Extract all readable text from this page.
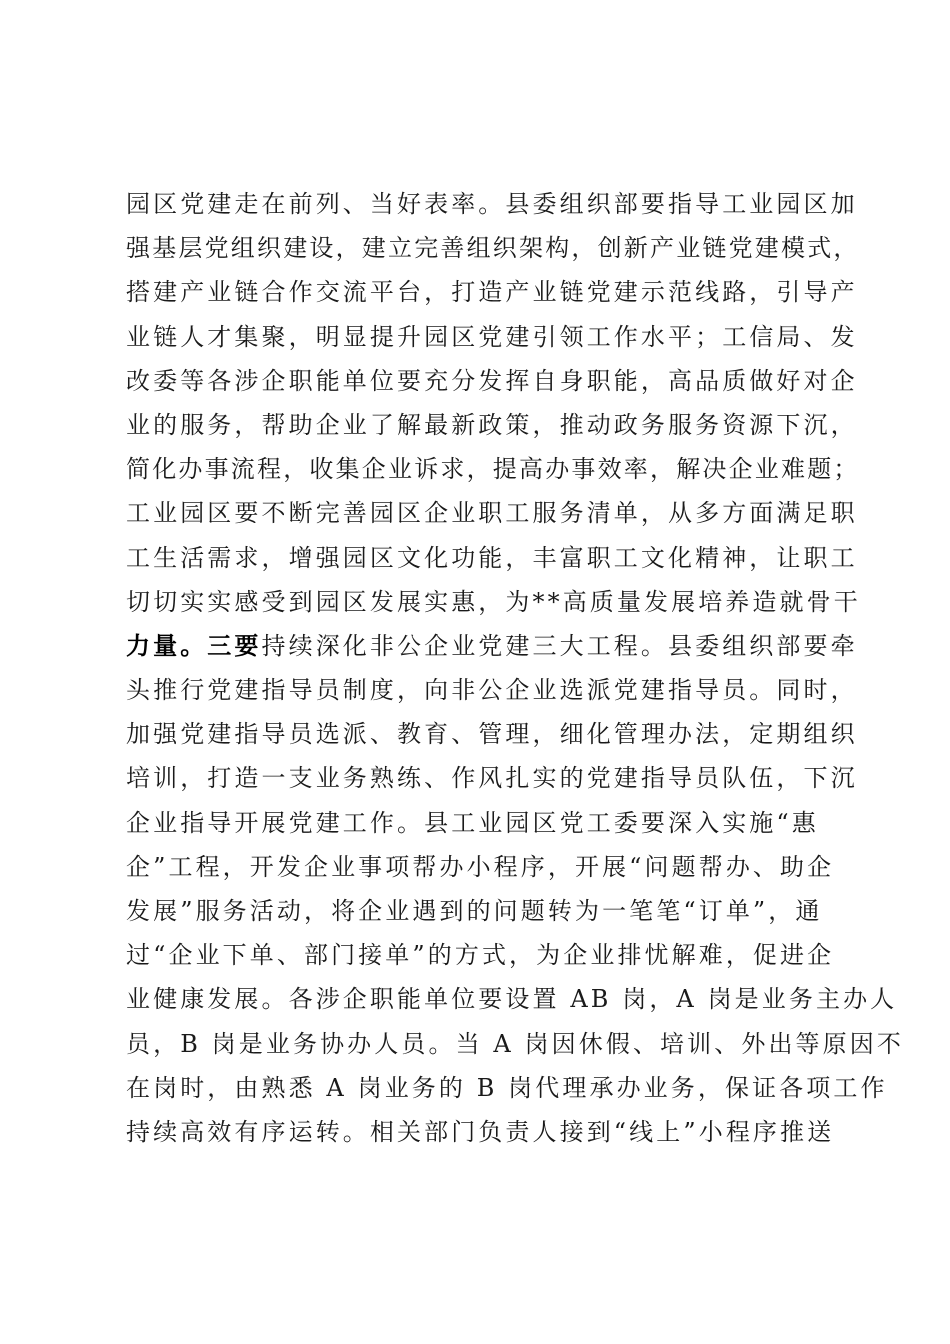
园区党建走在前列、当好表率。县委组织部要指导工业园区加
强基层党组织建设，建立完善组织架构，创新产业链党建模式，
搭建产业链合作交流平台，打造产业链党建示范线路，引导产
业链人才集聚，明显提升园区党建引领工作水平；工信局、发
改委等各涉企职能单位要充分发挥自身职能，高品质做好对企
业的服务，帮助企业了解最新政策，推动政务服务资源下沉，
简化办事流程，收集企业诉求，提高办事效率，解决企业难题；
工业园区要不断完善园区企业职工服务清单，从多方面满足职
工生活需求，增强园区文化功能，丰富职工文化精神，让职工
切切实实感受到园区发展实惠，为**高质量发展培养造就骨干
力量。三要持续深化非公企业党建三大工程。县委组织部要牵
头推行党建指导员制度，向非公企业选派党建指导员。同时，
加强党建指导员选派、教育、管理，细化管理办法，定期组织
培训，打造一支业务熟练、作风扎实的党建指导员队伍，下沉
企业指导开展党建工作。县工业园区党工委要深入实施“惠
企”工程，开发企业事项帮办小程序，开展“问题帮办、助企
发展”服务活动，将企业遇到的问题转为一笔笔“订单”，通
过“企业下单、部门接单”的方式，为企业排忧解难，促进企
业健康发展。各涉企职能单位要设置 AB 岗，A 岗是业务主办人
员，B 岗是业务协办人员。当 A 岗因休假、培训、外出等原因不
在岗时，由熟悉 A 岗业务的 B 岗代理承办业务，保证各项工作
持续高效有序运转。相关部门负责人接到“线上”小程序推送
